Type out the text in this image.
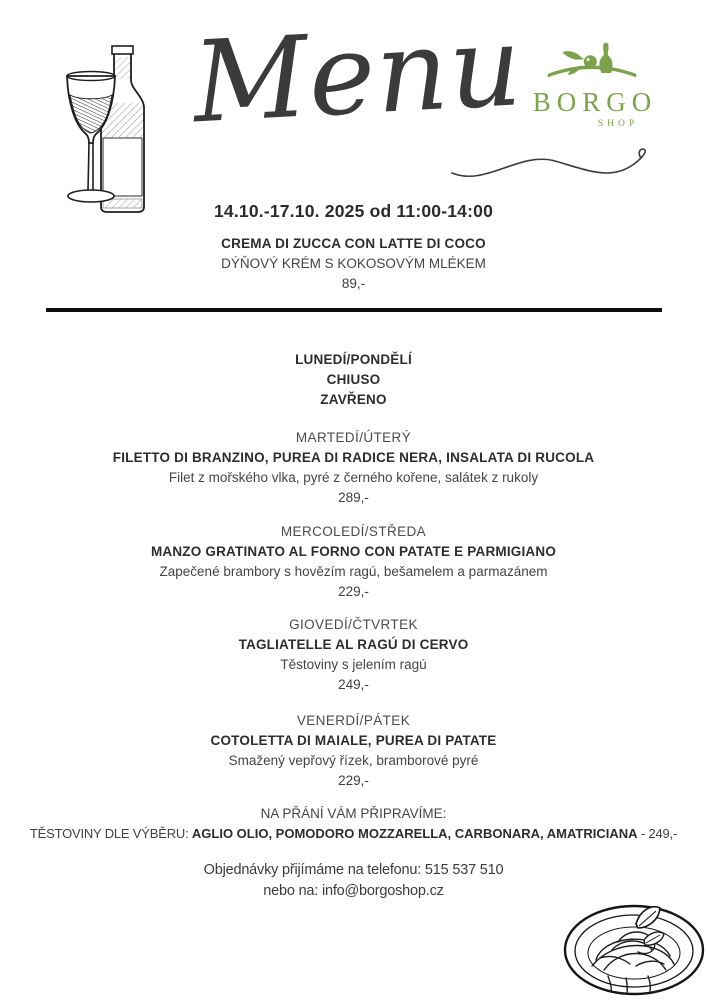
Menu BORGO
SHOP
14.10.-17.10. 2025 od 11:00-14:00
CREMA DI ZUCCA CON LATTE DI COCO
DÝŇOVÝ KRÉM S KOKOSOVÝM MLÉKEM
89,-
LUNEDÍ/PONDĚLÍ
CHIUSO
ZAVŘENO
MARTEDÍ/ÚTERÝ
FILETTO DI BRANZINO, PUREA DI RADICE NERA, INSALATA DI RUCOLA
Filet z mořského vlka, pyré z černého kořene, salátek z rukoly
289,-
MERCOLEDÍ/STŘEDA
MANZO GRATINATO AL FORNO CON PATATE E PARMIGIANO
Zapečené brambory s hovězím ragú, bešamelem a parmazánem
229,-
GIOVEDÍ/ČTVRTEK
TAGLIATELLE AL RAGÚ DI CERVO
Těstoviny s jelením ragú
249,-
VENERDÍ/PÁTEK
COTOLETTA DI MAIALE, PUREA DI PATATE
Smažený vepřový řízek, bramborové pyré
229,-
NA PŘÁNÍ VÁM PŘIPRAVÍME:
TĚSTOVINY DLE VÝBĚRU: AGLIO OLIO, POMODORO MOZZARELLA, CARBONARA, AMATRICIANA - 249,-
Objednávky přijímáme na telefonu: 515 537 510
nebo na: info@borgoshop.cz
